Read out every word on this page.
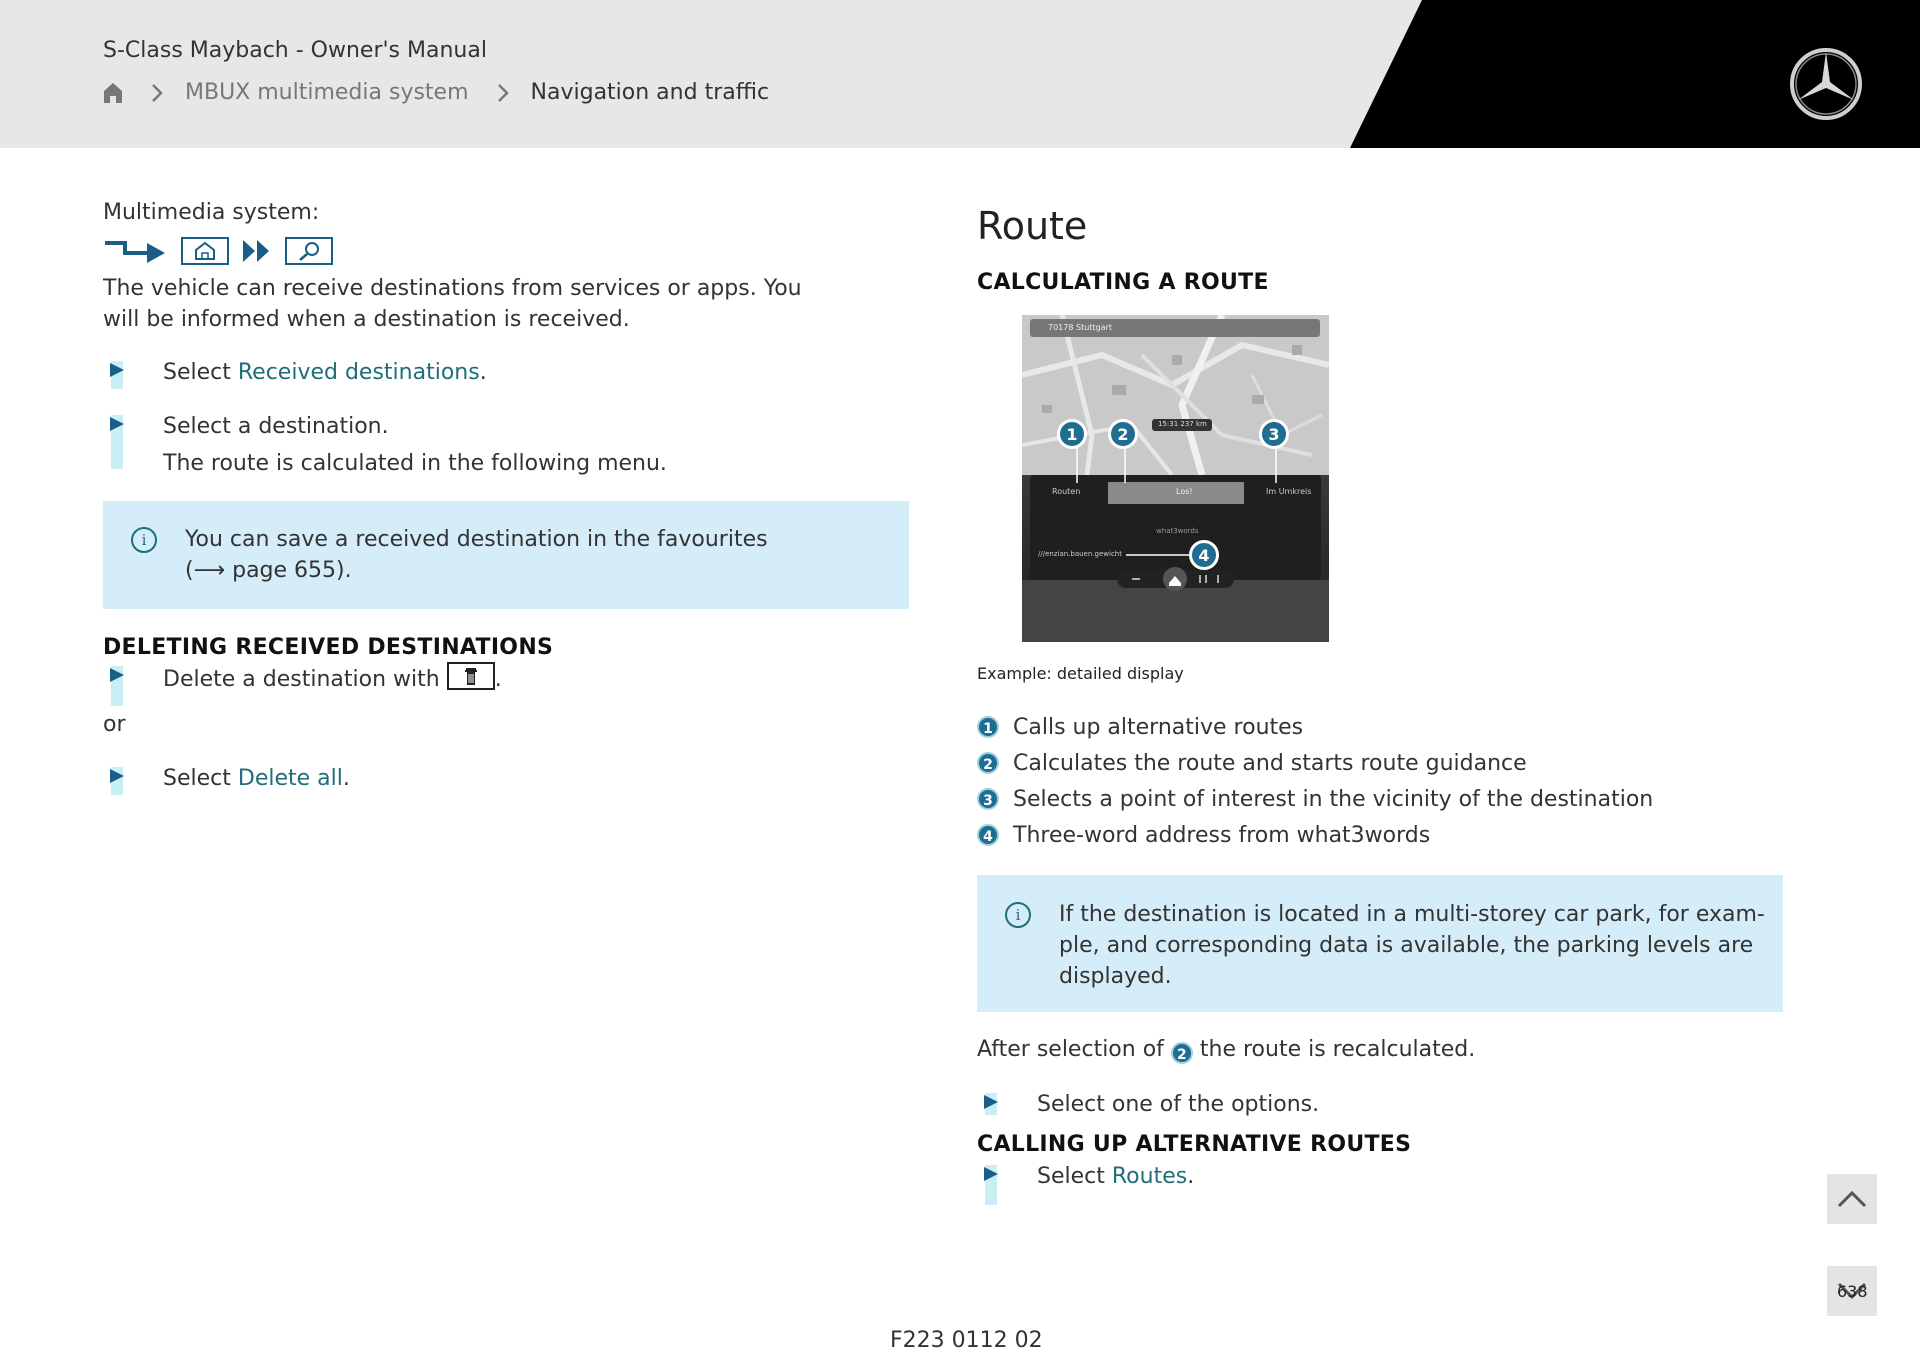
S-Class Maybach - Owner's Manual
MBUX multimedia system	Navigation and traffic
Multimedia system:

The vehicle can receive destinations from services or apps. You will be informed when a destination is received.

Select Received destinations.
Select a destination.
The route is calculated in the following menu.
i	You can save a received destination in the favourites
(⟶ page 655).
DELETING RECEIVED DESTINATIONS
Delete a destination with
.

or

Select Delete all.
Route
CALCULATING A ROUTE
70178 Stuttgart
15:31 237 km
Routen	Los!	Im Umkreis
what3words
///enzian.bauen.gewicht
1	2	3
4
Example: detailed display
1 Calls up alternative routes
2 Calculates the route and starts route guidance
3 Selects a point of interest in the vicinity of the destination
4 Three-word address from what3words
i	If the destination is located in a multi-storey car park, for exam-
ple, and corresponding data is available, the parking levels are
displayed.

After selection of 2 the route is recalculated.

Select one of the options.
CALLING UP ALTERNATIVE ROUTES
Select Routes.
638
F223 0112 02
